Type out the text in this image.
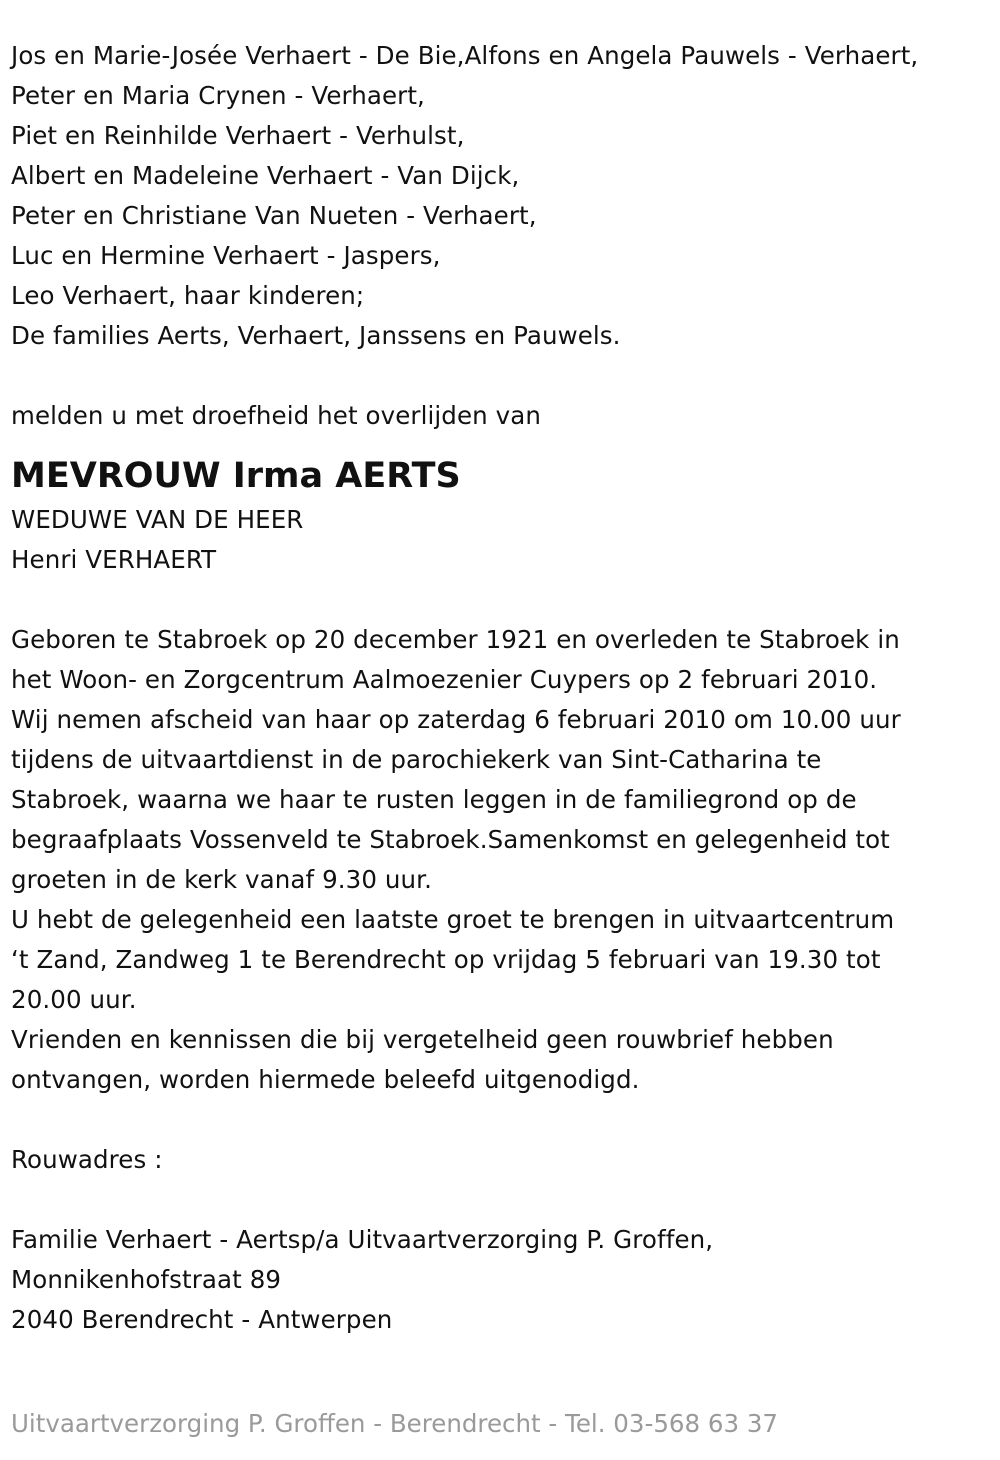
Jos en Marie-Josée Verhaert - De Bie,Alfons en Angela Pauwels - Verhaert,
Peter en Maria Crynen - Verhaert,
Piet en Reinhilde Verhaert - Verhulst,
Albert en Madeleine Verhaert - Van Dijck,
Peter en Christiane Van Nueten - Verhaert,
Luc en Hermine Verhaert - Jaspers,
Leo Verhaert, haar kinderen;
De families Aerts, Verhaert, Janssens en Pauwels.
melden u met droefheid het overlijden van
MEVROUW Irma AERTS
WEDUWE VAN DE HEER
Henri VERHAERT
Geboren te Stabroek op 20 december 1921 en overleden te Stabroek in
het Woon- en Zorgcentrum Aalmoezenier Cuypers op 2 februari 2010.
Wij nemen afscheid van haar op zaterdag 6 februari 2010 om 10.00 uur
tijdens de uitvaartdienst in de parochiekerk van Sint-Catharina te
Stabroek, waarna we haar te rusten leggen in de familiegrond op de
begraafplaats Vossenveld te Stabroek.Samenkomst en gelegenheid tot
groeten in de kerk vanaf 9.30 uur.
U hebt de gelegenheid een laatste groet te brengen in uitvaartcentrum
‘t Zand, Zandweg 1 te Berendrecht op vrijdag 5 februari van 19.30 tot
20.00 uur.
Vrienden en kennissen die bij vergetelheid geen rouwbrief hebben
ontvangen, worden hiermede beleefd uitgenodigd.
Rouwadres :
Familie Verhaert - Aertsp/a Uitvaartverzorging P. Groffen,
Monnikenhofstraat 89
2040 Berendrecht - Antwerpen
Uitvaartverzorging P. Groffen - Berendrecht - Tel. 03-568 63 37
